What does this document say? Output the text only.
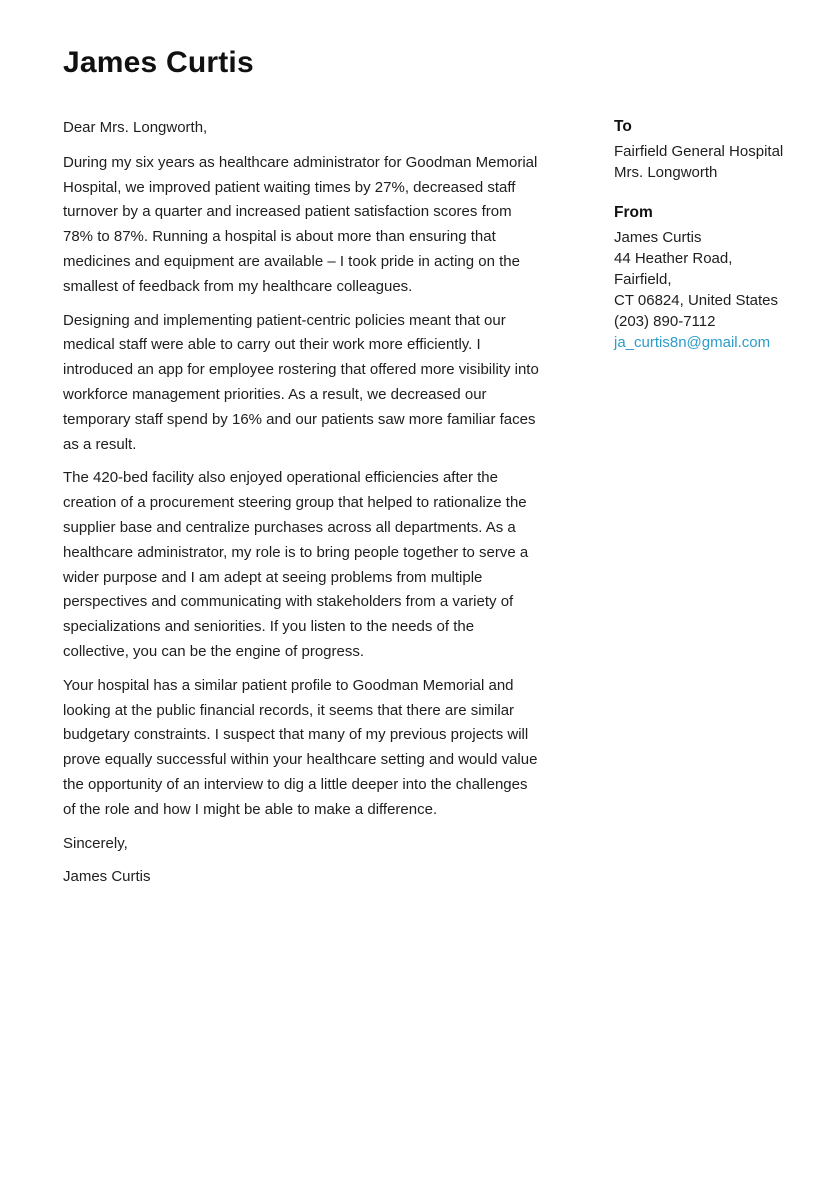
James Curtis

Dear Mrs. Longworth,

During my six years as healthcare administrator for Goodman Memorial Hospital, we improved patient waiting times by 27%, decreased staff turnover by a quarter and increased patient satisfaction scores from 78% to 87%. Running a hospital is about more than ensuring that medicines and equipment are available – I took pride in acting on the smallest of feedback from my healthcare colleagues.

Designing and implementing patient-centric policies meant that our medical staff were able to carry out their work more efficiently. I introduced an app for employee rostering that offered more visibility into workforce management priorities. As a result, we decreased our temporary staff spend by 16% and our patients saw more familiar faces as a result.

The 420-bed facility also enjoyed operational efficiencies after the creation of a procurement steering group that helped to rationalize the supplier base and centralize purchases across all departments. As a healthcare administrator, my role is to bring people together to serve a wider purpose and I am adept at seeing problems from multiple perspectives and communicating with stakeholders from a variety of specializations and seniorities. If you listen to the needs of the collective, you can be the engine of progress.

Your hospital has a similar patient profile to Goodman Memorial and looking at the public financial records, it seems that there are similar budgetary constraints. I suspect that many of my previous projects will prove equally successful within your healthcare setting and would value the opportunity of an interview to dig a little deeper into the challenges of the role and how I might be able to make a difference.

Sincerely,

James Curtis

To
Fairfield General Hospital
Mrs. Longworth
From
James Curtis
44 Heather Road, Fairfield,
CT 06824, United States
(203) 890-7112
ja_curtis8n@gmail.com
